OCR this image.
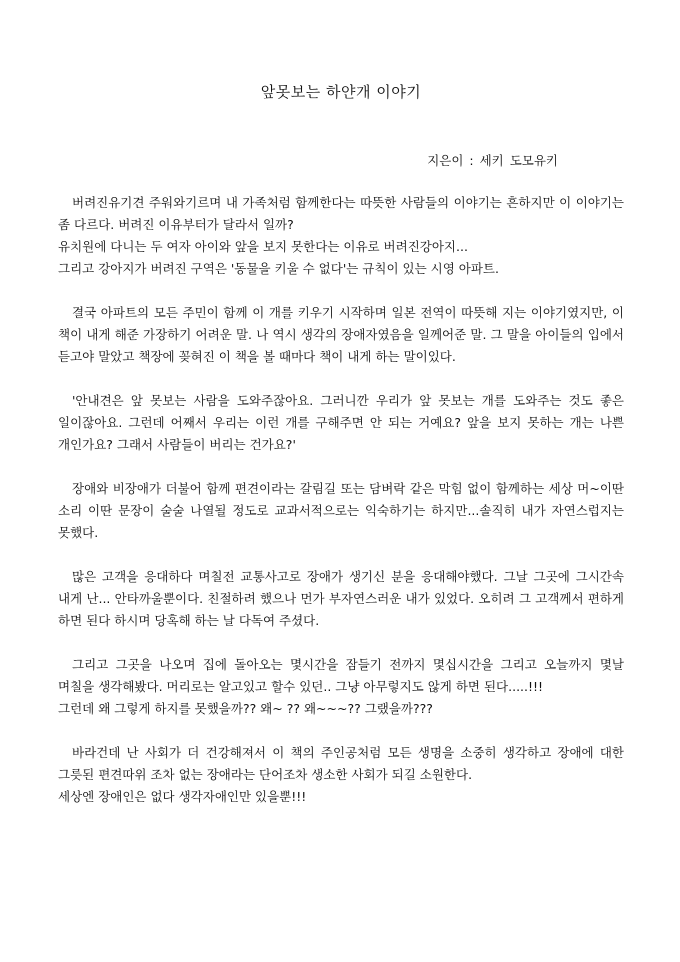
앞못보는 하얀개 이야기
지은이 : 세키 도모유키

버려진유기견 주워와기르며 내 가족처럼 함께한다는 따뜻한 사람들의 이야기는 흔하지만 이 이야기는 좀 다르다. 버려진 이유부터가 달라서 일까?
유치원에 다니는 두 여자 아이와 앞을 보지 못한다는 이유로 버려진강아지...
그리고 강아지가 버려진 구역은 '동물을 키울 수 없다'는 규칙이 있는 시영 아파트.

결국 아파트의 모든 주민이 함께 이 개를 키우기 시작하며 일본 전역이 따뜻해 지는 이야기였지만, 이 책이 내게 해준 가장하기 어려운 말. 나 역시 생각의 장애자였음을 일께어준 말. 그 말을 아이들의 입에서 듣고야 말았고 책장에 꽂혀진 이 책을 볼 때마다 책이 내게 하는 말이있다.

'안내견은 앞 못보는 사람을 도와주잖아요. 그러니깐 우리가 앞 못보는 개를 도와주는 것도 좋은 일이잖아요. 그런데 어째서 우리는 이런 개를 구해주면 안 되는 거예요? 앞을 보지 못하는 개는 나쁜 개인가요? 그래서 사람들이 버리는 건가요?'

장애와 비장애가 더불어 함께 편견이라는 갈림길 또는 담벼락 같은 막힘 없이 함께하는 세상 머~이딴 소리 이딴 문장이 술술 나열될 정도로 교과서적으로는 익숙하기는 하지만...솔직히 내가 자연스럽지는 못했다.

많은 고객을 응대하다 며칠전 교통사고로 장애가 생기신 분을 응대해야했다. 그날 그곳에 그시간속 내게 난... 안타까울뿐이다. 친절하려 했으나 먼가 부자연스러운 내가 있었다. 오히려 그 고객께서 편하게 하면 된다 하시며 당혹해 하는 날 다독여 주셨다.

그리고 그곳을 나오며 집에 돌아오는 몇시간을 잠들기 전까지 몇십시간을 그리고 오늘까지 몇날 며칠을 생각해봤다. 머리로는 알고있고 할수 있던.. 그냥 아무렇지도 않게 하면 된다.....!!!
그런데 왜 그렇게 하지를 못했을까?? 왜~ ?? 왜~~~?? 그랬을까???

바라건데 난 사회가 더 건강해져서 이 책의 주인공처럼 모든 생명을 소중히 생각하고 장애에 대한 그릇된 편견따위 조차 없는 장애라는 단어조차 생소한 사회가 되길 소원한다.
세상엔 장애인은 없다 생각자애인만 있을뿐!!!
